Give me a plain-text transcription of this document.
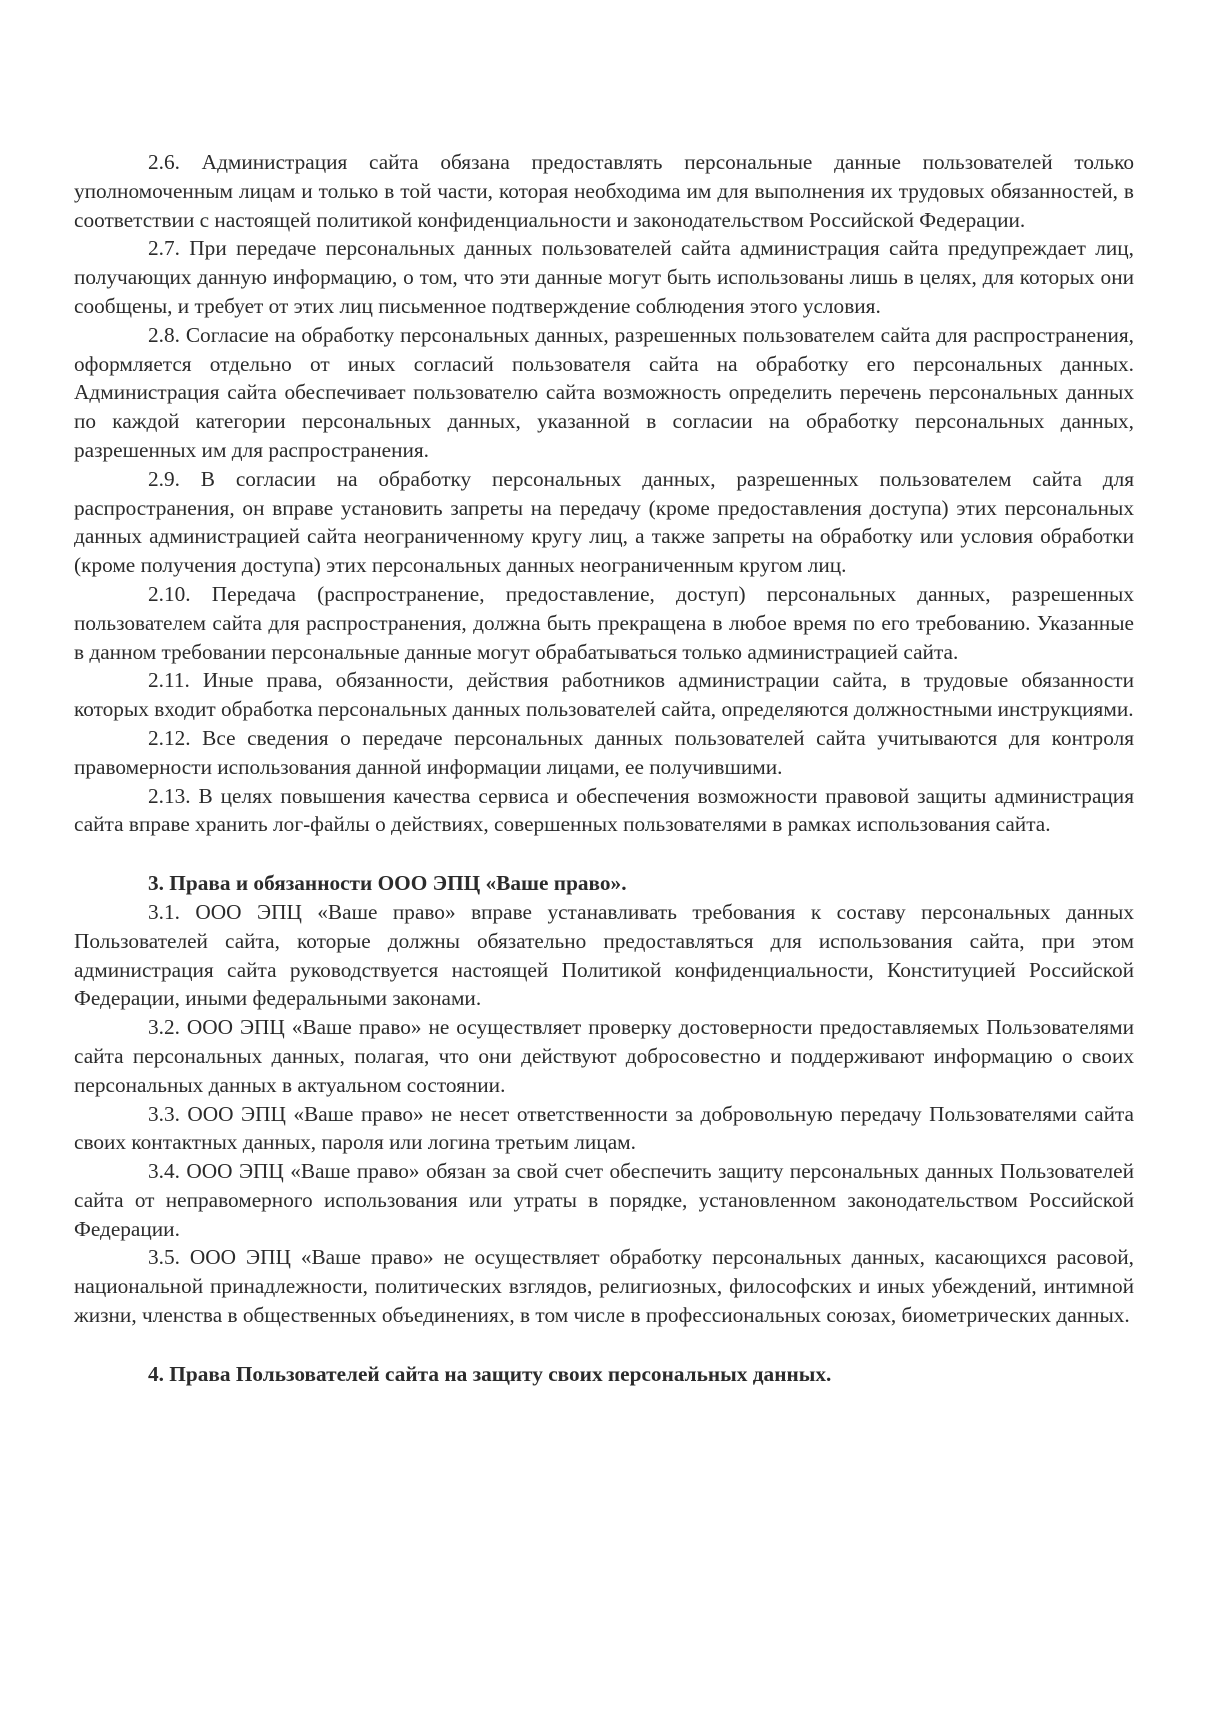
2.6. Администрация сайта обязана предоставлять персональные данные пользователей только уполномоченным лицам и только в той части, которая необходима им для выполнения их трудовых обязанностей, в соответствии с настоящей политикой конфиденциальности и законодательством Российской Федерации.

2.7. При передаче персональных данных пользователей сайта администрация сайта предупреждает лиц, получающих данную информацию, о том, что эти данные могут быть использованы лишь в целях, для которых они сообщены, и требует от этих лиц письменное подтверждение соблюдения этого условия.

2.8. Согласие на обработку персональных данных, разрешенных пользователем сайта для распространения, оформляется отдельно от иных согласий пользователя сайта на обработку его персональных данных. Администрация сайта обеспечивает пользователю сайта возможность определить перечень персональных данных по каждой категории персональных данных, указанной в согласии на обработку персональных данных, разрешенных им для распространения.

2.9. В согласии на обработку персональных данных, разрешенных пользователем сайта для распространения, он вправе установить запреты на передачу (кроме предоставления доступа) этих персональных данных администрацией сайта неограниченному кругу лиц, а также запреты на обработку или условия обработки (кроме получения доступа) этих персональных данных неограниченным кругом лиц.

2.10. Передача (распространение, предоставление, доступ) персональных данных, разрешенных пользователем сайта для распространения, должна быть прекращена в любое время по его требованию. Указанные в данном требовании персональные данные могут обрабатываться только администрацией сайта.

2.11. Иные права, обязанности, действия работников администрации сайта, в трудовые обязанности которых входит обработка персональных данных пользователей сайта, определяются должностными инструкциями.

2.12. Все сведения о передаче персональных данных пользователей сайта учитываются для контроля правомерности использования данной информации лицами, ее получившими.

2.13. В целях повышения качества сервиса и обеспечения возможности правовой защиты администрация сайта вправе хранить лог-файлы о действиях, совершенных пользователями в рамках использования сайта.

3. Права и обязанности ООО ЭПЦ «Ваше право».

3.1. ООО ЭПЦ «Ваше право» вправе устанавливать требования к составу персональных данных Пользователей сайта, которые должны обязательно предоставляться для использования сайта, при этом администрация сайта руководствуется настоящей Политикой конфиденциальности, Конституцией Российской Федерации, иными федеральными законами.

3.2. ООО ЭПЦ «Ваше право» не осуществляет проверку достоверности предоставляемых Пользователями сайта персональных данных, полагая, что они действуют добросовестно и поддерживают информацию о своих персональных данных в актуальном состоянии.

3.3. ООО ЭПЦ «Ваше право» не несет ответственности за добровольную передачу Пользователями сайта своих контактных данных, пароля или логина третьим лицам.

3.4. ООО ЭПЦ «Ваше право» обязан за свой счет обеспечить защиту персональных данных Пользователей сайта от неправомерного использования или утраты в порядке, установленном законодательством Российской Федерации.

3.5. ООО ЭПЦ «Ваше право» не осуществляет обработку персональных данных, касающихся расовой, национальной принадлежности, политических взглядов, религиозных, философских и иных убеждений, интимной жизни, членства в общественных объединениях, в том числе в профессиональных союзах, биометрических данных.

4. Права Пользователей сайта на защиту своих персональных данных.
